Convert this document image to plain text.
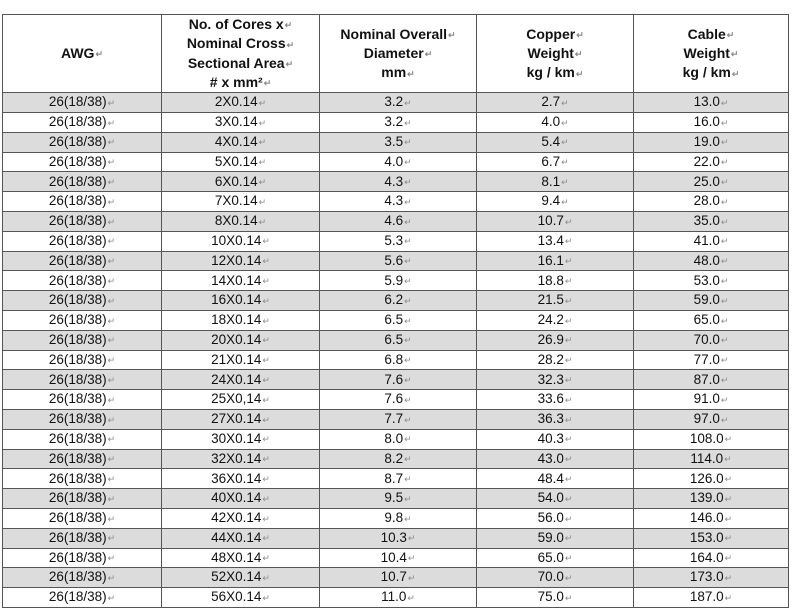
AWG↵	No. of Cores x↵
Nominal Cross↵
Sectional Area↵
# x mm²↵	Nominal Overall↵
Diameter↵
mm↵	Copper↵
Weight↵
kg / km↵	Cable↵
Weight↵
kg / km↵

26(18/38)↵	2X0.14↵	3.2↵	2.7↵	13.0↵
26(18/38)↵	3X0.14↵	3.2↵	4.0↵	16.0↵
26(18/38)↵	4X0.14↵	3.5↵	5.4↵	19.0↵
26(18/38)↵	5X0.14↵	4.0↵	6.7↵	22.0↵
26(18/38)↵	6X0.14↵	4.3↵	8.1↵	25.0↵
26(18/38)↵	7X0.14↵	4.3↵	9.4↵	28.0↵
26(18/38)↵	8X0.14↵	4.6↵	10.7↵	35.0↵
26(18/38)↵	10X0.14↵	5.3↵	13.4↵	41.0↵
26(18/38)↵	12X0.14↵	5.6↵	16.1↵	48.0↵
26(18/38)↵	14X0.14↵	5.9↵	18.8↵	53.0↵
26(18/38)↵	16X0.14↵	6.2↵	21.5↵	59.0↵
26(18/38)↵	18X0.14↵	6.5↵	24.2↵	65.0↵
26(18/38)↵	20X0.14↵	6.5↵	26.9↵	70.0↵
26(18/38)↵	21X0.14↵	6.8↵	28.2↵	77.0↵
26(18/38)↵	24X0.14↵	7.6↵	32.3↵	87.0↵
26(18/38)↵	25X0,14↵	7.6↵	33.6↵	91.0↵
26(18/38)↵	27X0.14↵	7.7↵	36.3↵	97.0↵
26(18/38)↵	30X0.14↵	8.0↵	40.3↵	108.0↵
26(18/38)↵	32X0.14↵	8.2↵	43.0↵	114.0↵
26(18/38)↵	36X0.14↵	8.7↵	48.4↵	126.0↵
26(18/38)↵	40X0.14↵	9.5↵	54.0↵	139.0↵
26(18/38)↵	42X0.14↵	9.8↵	56.0↵	146.0↵
26(18/38)↵	44X0.14↵	10.3↵	59.0↵	153.0↵
26(18/38)↵	48X0.14↵	10.4↵	65.0↵	164.0↵
26(18/38)↵	52X0.14↵	10.7↵	70.0↵	173.0↵
26(18/38)↵	56X0.14↵	11.0↵	75.0↵	187.0↵
